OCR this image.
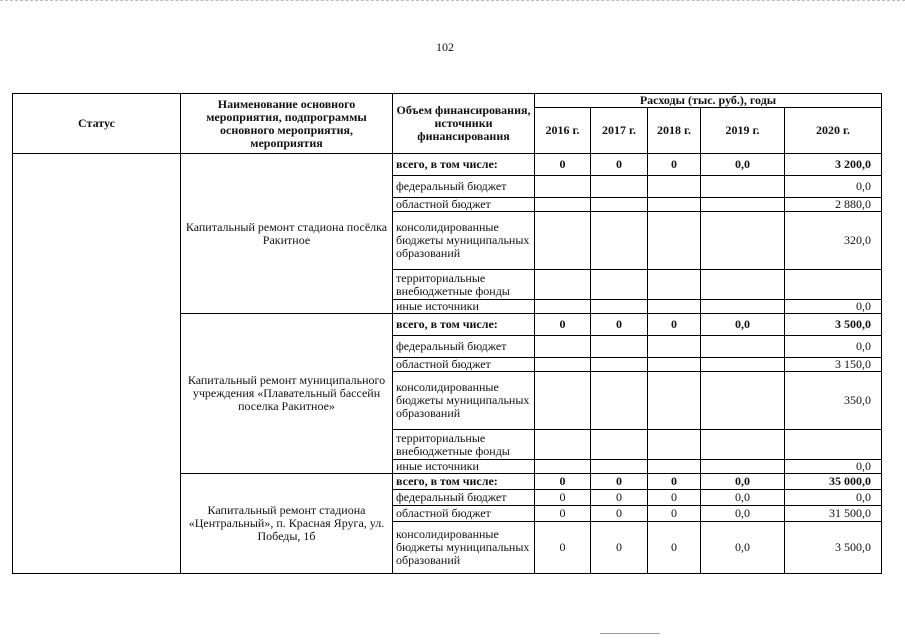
102
Статус	Наименование основного мероприятия, подпрограммы основного мероприятия, мероприятия	Объем финансирования, источники финансирования	Расходы (тыс. руб.), годы				
			2016 г.	2017 г.	2018 г.	2019 г.	2020 г.
	Капитальный ремонт стадиона посёлка Ракитное	всего, в том числе:	0	0	0	0,0	3 200,0
		федеральный бюджет					0,0
		областной бюджет					2 880,0
		консолидированные бюджеты муниципальных образований					320,0
		территориальные внебюджетные фонды					
		иные источники					0,0
	Капитальный ремонт муниципального учреждения «Плавательный бассейн поселка Ракитное»	всего, в том числе:	0	0	0	0,0	3 500,0
		федеральный бюджет					0,0
		областной бюджет					3 150,0
		консолидированные бюджеты муниципальных образований					350,0
		территориальные внебюджетные фонды					
		иные источники					0,0
	Капитальный ремонт стадиона «Центральный», п. Красная Яруга, ул. Победы, 1б	всего, в том числе:	0	0	0	0,0	35 000,0
		федеральный бюджет	0	0	0	0,0	0,0
		областной бюджет	0	0	0	0,0	31 500,0
		консолидированные бюджеты муниципальных образований	0	0	0	0,0	3 500,0
